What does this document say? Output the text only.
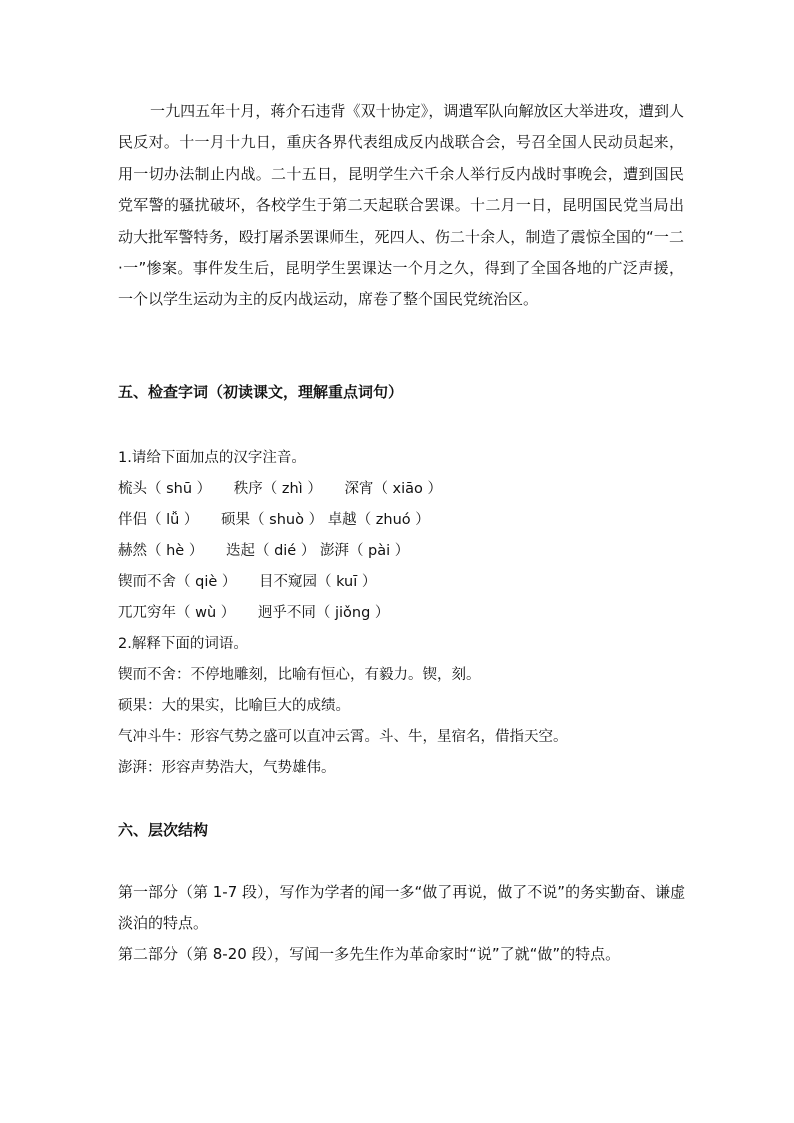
一九四五年十月，蒋介石违背《双十协定》，调遣军队向解放区大举进攻，遭到人民反对。十一月十九日，重庆各界代表组成反内战联合会，号召全国人民动员起来，用一切办法制止内战。二十五日，昆明学生六千余人举行反内战时事晚会，遭到国民党军警的骚扰破坏，各校学生于第二天起联合罢课。十二月一日，昆明国民党当局出动大批军警特务，殴打屠杀罢课师生，死四人、伤二十余人，制造了震惊全国的“一二·一”惨案。事件发生后，昆明学生罢课达一个月之久，得到了全国各地的广泛声援，一个以学生运动为主的反内战运动，席卷了整个国民党统治区。

五、检查字词（初读课文，理解重点词句）
1.请给下面加点的汉字注音。
梳头（ shū ） 秩序（ zhì ） 深宵（ xiāo ）
伴侣（ lǚ ） 硕果（ shuò ） 卓越（ zhuó ）
赫然（ hè ） 迭起（ dié ） 澎湃（ pài ）
锲而不舍（ qiè ） 目不窥园（ kuī ）
兀兀穷年（ wù ） 迥乎不同（ jiǒng ）
2.解释下面的词语。
锲而不舍：不停地雕刻，比喻有恒心，有毅力。锲，刻。
硕果：大的果实，比喻巨大的成绩。
气冲斗牛：形容气势之盛可以直冲云霄。斗、牛，星宿名，借指天空。
澎湃：形容声势浩大，气势雄伟。
六、层次结构

第一部分（第 1-7 段），写作为学者的闻一多“做了再说，做了不说”的务实勤奋、谦虚淡泊的特点。

第二部分（第 8-20 段），写闻一多先生作为革命家时“说”了就“做”的特点。
